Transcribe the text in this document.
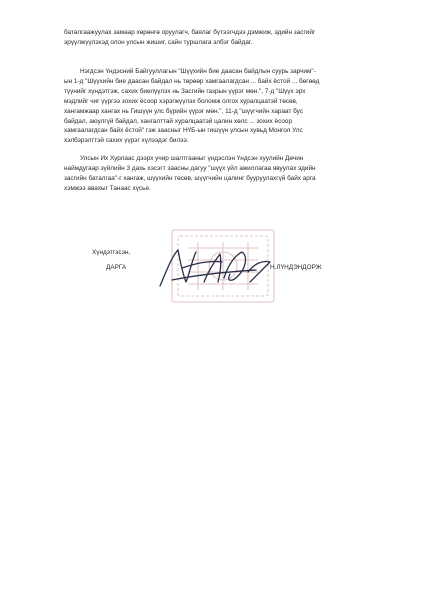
баталгаажуулах замаар хөрөнгө оруулагч, баялаг бүтээгчдээ дэмжиж, эдийн засгийг
эрүүлжүүлэхэд олон улсын жишиг, сайн туршлага элбэг байдаг.
Нэгдсэн Үндэсний Байгууллагын "Шүүхийн бие даасан байдлын суурь зарчим"-
ын 1-д "Шүүхийн бие даасан байдал нь төрөөр хамгаалагдсан ... байх ёстой ... бөгөөд
түүнийг хүндэтгэж, сахих биелүүлэх нь Засгийн газрын үүрэг мөн.", 7-д "Шүүх эрх
мэдлийг чиг үүргээ зохих ёсоор хэрэгжүүлэх боломж олгох хуралцаатэй төсөв,
хангамжаар хангах нь Гишүүн улс бүрийн үүрэг мөн.", 11-д "шүүгчийн хараат бус
байдал, аюулгүй байдал, хангалттай хуралцаатэй цалин хөлс ... зохих ёсоор
хамгаалагдсан байх ёстой" гэж заасныг НҮБ-ын гишүүн улсын хувьд Монгол Улс
хэлбэрэлттэй сахих үүрэг хүлээдэг билээ.
Улсын Их Хурлаас дээрх учир шалтгааныг үндэслэн Үндсэн хуулийн Дөчин
наймдугаар зүйлийн 3 дахь хэсэгт заасны дагуу "шүүх үйл ажиллагаа явуулах эдийн
засгийн баталгаа"-г хангаж, шүүхийн төсөв, шүүгчийн цалинг бууруулахгүй байх арга
хэмжээ авахыг Танаас хүсье.
Хүндэтгэсэн,
ДАРГА	Н.ЛҮНДЭНДОРЖ
